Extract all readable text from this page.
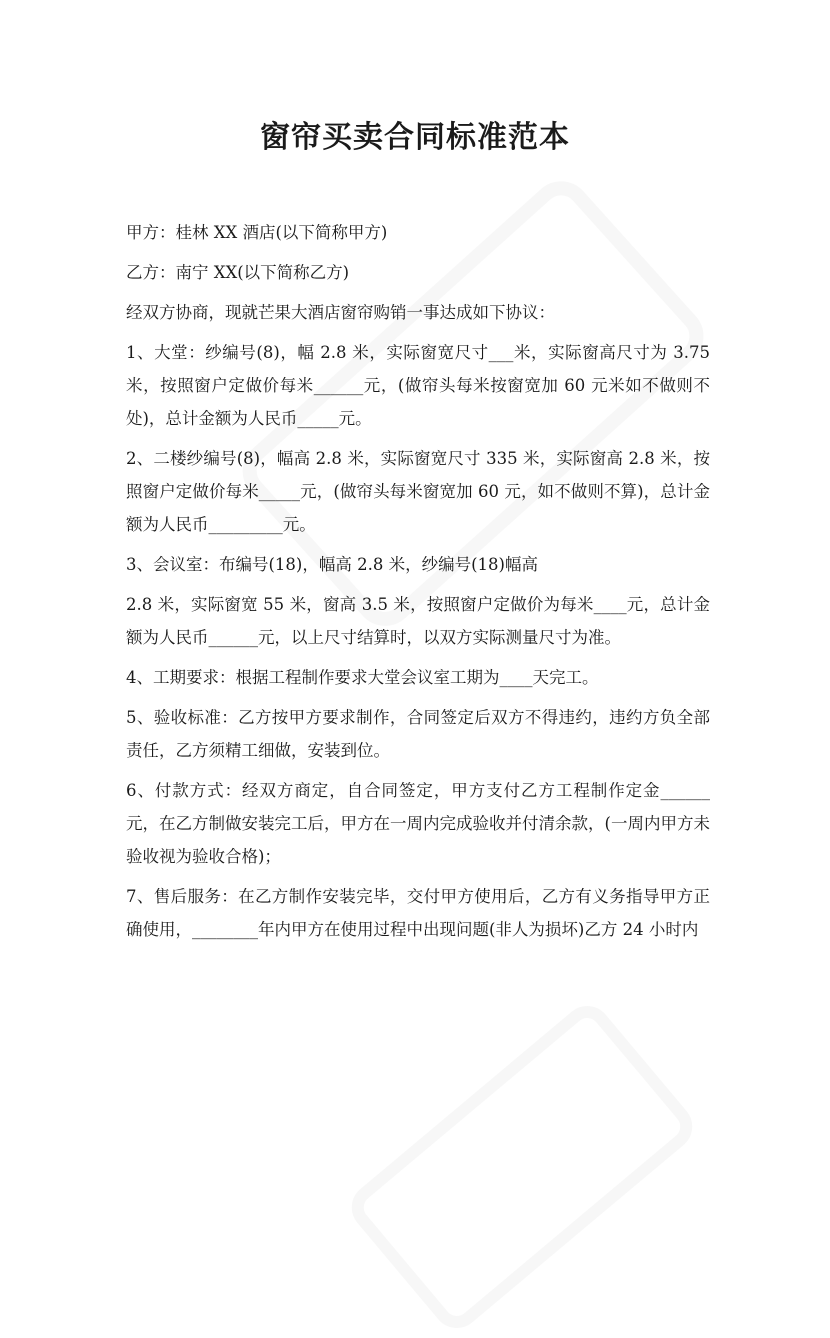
窗帘买卖合同标准范本

甲方：桂林 XX 酒店(以下简称甲方)

乙方：南宁 XX(以下简称乙方)

经双方协商，现就芒果大酒店窗帘购销一事达成如下协议：

1、大堂：纱编号(8)，幅 2.8 米，实际窗宽尺寸___米，实际窗高尺寸为 3.75 米，按照窗户定做价每米______元，(做帘头每米按窗宽加 60 元米如不做则不处)，总计金额为人民币_____元。

2、二楼纱编号(8)，幅高 2.8 米，实际窗宽尺寸 335 米，实际窗高 2.8 米，按照窗户定做价每米_____元，(做帘头每米窗宽加 60 元，如不做则不算)，总计金额为人民币_________元。

3、会议室：布编号(18)，幅高 2.8 米，纱编号(18)幅高

2.8 米，实际窗宽 55 米，窗高 3.5 米，按照窗户定做价为每米____元，总计金额为人民币______元，以上尺寸结算时，以双方实际测量尺寸为准。

4、工期要求：根据工程制作要求大堂会议室工期为____天完工。

5、验收标准：乙方按甲方要求制作，合同签定后双方不得违约，违约方负全部责任，乙方须精工细做，安装到位。

6、付款方式：经双方商定，自合同签定，甲方支付乙方工程制作定金______元，在乙方制做安装完工后，甲方在一周内完成验收并付清余款，(一周内甲方未验收视为验收合格)；

7、售后服务：在乙方制作安装完毕，交付甲方使用后，乙方有义务指导甲方正确使用，________年内甲方在使用过程中出现问题(非人为损坏)乙方 24 小时内
